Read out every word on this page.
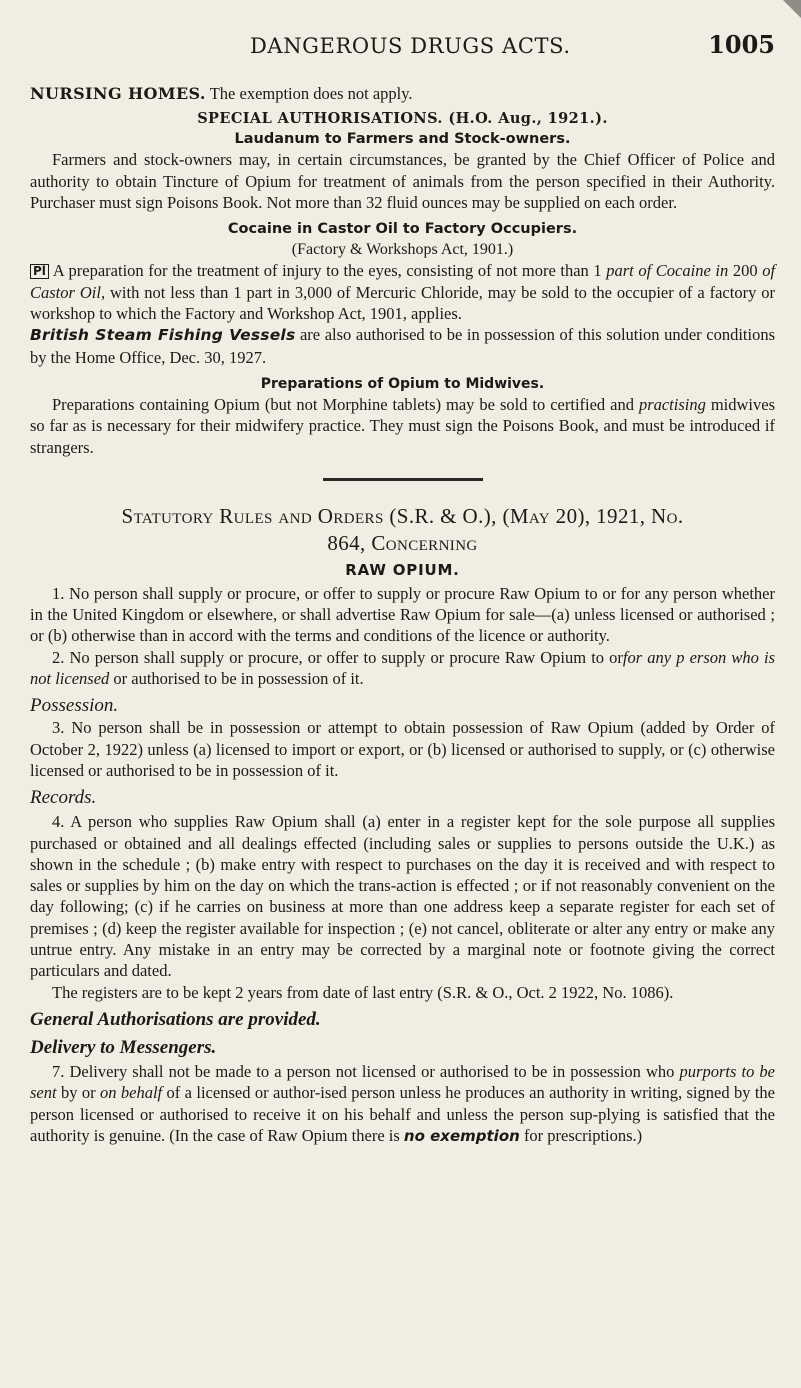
DANGEROUS DRUGS ACTS.	1005

NURSING HOMES. The exemption does not apply.

SPECIAL AUTHORISATIONS. (H.O. Aug., 1921.).
Laudanum to Farmers and Stock-owners.

Farmers and stock-owners may, in certain circumstances, be granted by the Chief Officer of Police and authority to obtain Tincture of Opium for treatment of animals from the person specified in their Authority. Purchaser must sign Poisons Book. Not more than 32 fluid ounces may be supplied on each order.

Cocaine in Castor Oil to Factory Occupiers.

(Factory & Workshops Act, 1901.)

Pl A preparation for the treatment of injury to the eyes, consisting of not more than 1 part of Cocaine in 200 of Castor Oil, with not less than 1 part in 3,000 of Mercuric Chloride, may be sold to the occupier of a factory or workshop to which the Factory and Workshop Act, 1901, applies.

British Steam Fishing Vessels are also authorised to be in possession of this solution under conditions by the Home Office, Dec. 30, 1927.

Preparations of Opium to Midwives.

Preparations containing Opium (but not Morphine tablets) may be sold to certified and practising midwives so far as is necessary for their midwifery practice. They must sign the Poisons Book, and must be introduced if strangers.

Statutory Rules and Orders (S.R. & O.), (May 20), 1921, No.
864, Concerning
RAW OPIUM.

1. No person shall supply or procure, or offer to supply or procure Raw Opium to or for any person whether in the United Kingdom or elsewhere, or shall advertise Raw Opium for sale—(a) unless licensed or authorised ; or (b) otherwise than in accord with the terms and conditions of the licence or authority.

2. No person shall supply or procure, or offer to supply or procure Raw Opium to orfor any p erson who is not licensed or authorised to be in possession of it.

Possession.

3. No person shall be in possession or attempt to obtain possession of Raw Opium (added by Order of October 2, 1922) unless (a) licensed to import or export, or (b) licensed or authorised to supply, or (c) otherwise licensed or authorised to be in possession of it.

Records.

4. A person who supplies Raw Opium shall (a) enter in a register kept for the sole purpose all supplies purchased or obtained and all dealings effected (including sales or supplies to persons outside the U.K.) as shown in the schedule ; (b) make entry with respect to purchases on the day it is received and with respect to sales or supplies by him on the day on which the trans-action is effected ; or if not reasonably convenient on the day following; (c) if he carries on business at more than one address keep a separate register for each set of premises ; (d) keep the register available for inspection ; (e) not cancel, obliterate or alter any entry or make any untrue entry. Any mistake in an entry may be corrected by a marginal note or footnote giving the correct particulars and dated.

The registers are to be kept 2 years from date of last entry (S.R. & O., Oct. 2 1922, No. 1086).

General Authorisations are provided.
Delivery to Messengers.

7. Delivery shall not be made to a person not licensed or authorised to be in possession who purports to be sent by or on behalf of a licensed or author-ised person unless he produces an authority in writing, signed by the person licensed or authorised to receive it on his behalf and unless the person sup-plying is satisfied that the authority is genuine. (In the case of Raw Opium there is no exemption for prescriptions.)
